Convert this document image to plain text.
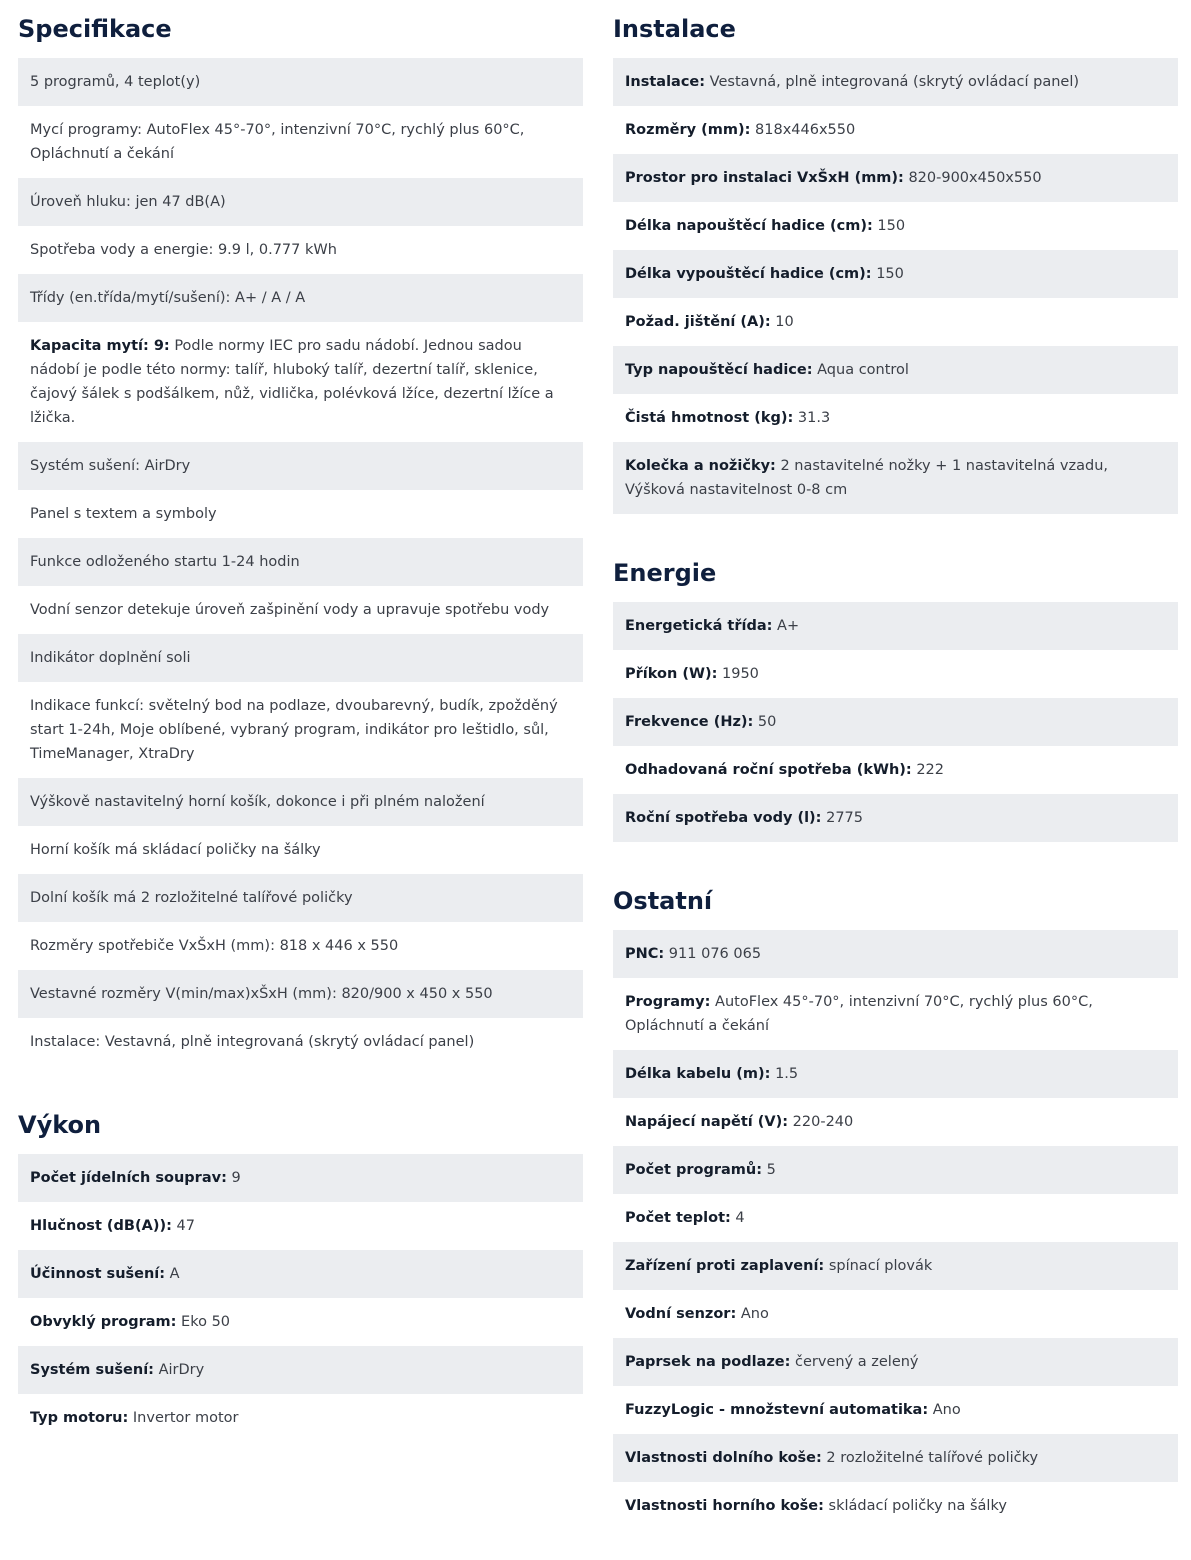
Specifikace
5 programů, 4 teplot(y)
Mycí programy: AutoFlex 45°-70°, intenzivní 70°C, rychlý plus 60°C, Opláchnutí a čekání
Úroveň hluku: jen 47 dB(A)
Spotřeba vody a energie: 9.9 l, 0.777 kWh
Třídy (en.třída/mytí/sušení): A+ / A / A
Kapacita mytí: 9: Podle normy IEC pro sadu nádobí. Jednou sadou nádobí je podle této normy: talíř, hluboký talíř, dezertní talíř, sklenice, čajový šálek s podšálkem, nůž, vidlička, polévková lžíce, dezertní lžíce a lžička.
Systém sušení: AirDry
Panel s textem a symboly
Funkce odloženého startu 1-24 hodin
Vodní senzor detekuje úroveň zašpinění vody a upravuje spotřebu vody
Indikátor doplnění soli
Indikace funkcí: světelný bod na podlaze, dvoubarevný, budík, zpožděný start 1-24h, Moje oblíbené, vybraný program, indikátor pro leštidlo, sůl, TimeManager, XtraDry
Výškově nastavitelný horní košík, dokonce i při plném naložení
Horní košík má skládací poličky na šálky
Dolní košík má 2 rozložitelné talířové poličky
Rozměry spotřebiče VxŠxH (mm): 818 x 446 x 550
Vestavné rozměry V(min/max)xŠxH (mm): 820/900 x 450 x 550
Instalace: Vestavná, plně integrovaná (skrytý ovládací panel)
Výkon
Počet jídelních souprav: 9
Hlučnost (dB(A)): 47
Účinnost sušení: A
Obvyklý program: Eko 50
Systém sušení: AirDry
Typ motoru: Invertor motor
Instalace
Instalace: Vestavná, plně integrovaná (skrytý ovládací panel)
Rozměry (mm): 818x446x550
Prostor pro instalaci VxŠxH (mm): 820-900x450x550
Délka napouštěcí hadice (cm): 150
Délka vypouštěcí hadice (cm): 150
Požad. jištění (A): 10
Typ napouštěcí hadice: Aqua control
Čistá hmotnost (kg): 31.3
Kolečka a nožičky: 2 nastavitelné nožky + 1 nastavitelná vzadu, Výšková nastavitelnost 0-8 cm
Energie
Energetická třída: A+
Příkon (W): 1950
Frekvence (Hz): 50
Odhadovaná roční spotřeba (kWh): 222
Roční spotřeba vody (l): 2775
Ostatní
PNC: 911 076 065
Programy: AutoFlex 45°-70°, intenzivní 70°C, rychlý plus 60°C, Opláchnutí a čekání
Délka kabelu (m): 1.5
Napájecí napětí (V): 220-240
Počet programů: 5
Počet teplot: 4
Zařízení proti zaplavení: spínací plovák
Vodní senzor: Ano
Paprsek na podlaze: červený a zelený
FuzzyLogic - množstevní automatika: Ano
Vlastnosti dolního koše: 2 rozložitelné talířové poličky
Vlastnosti horního koše: skládací poličky na šálky
